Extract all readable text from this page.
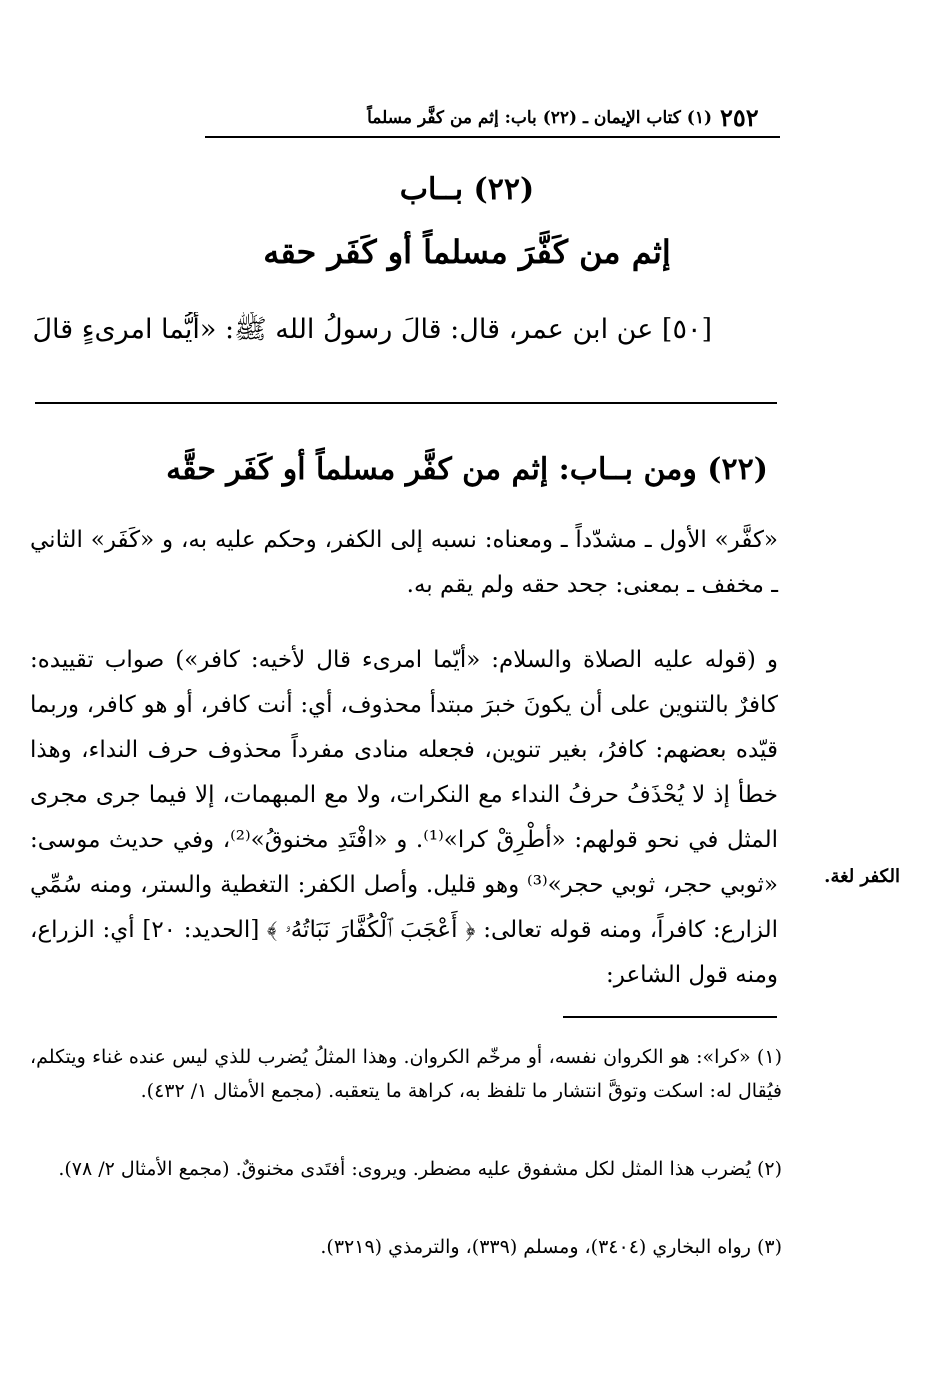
٢٥٢
(١) كتاب الإيمان ـ (٢٢) باب: إثم من كفَّر مسلماً
(٢٢) بــاب
إثم من كَفَّرَ مسلماً أو كَفَر حقه
[٥٠] عن ابن عمر، قال: قالَ رسولُ الله ﷺ: «أيُّما امرىءٍ قالَ
(٢٢) ومن بــاب: إثم من كفَّر مسلماً أو كَفَر حقَّه
«كفَّر» الأول ـ مشدّداً ـ ومعناه: نسبه إلى الكفر، وحكم عليه به، و «كَفَر» الثاني ـ مخفف ـ بمعنى: جحد حقه ولم يقم به.
و (قوله عليه الصلاة والسلام: «أيّما امرىء قال لأخيه: كافر») صواب تقييده: كافرٌ بالتنوين على أن يكونَ خبرَ مبتدأ محذوف، أي: أنت كافر، أو هو كافر، وربما قيّده بعضهم: كافرُ، بغير تنوين، فجعله منادى مفرداً محذوف حرف النداء، وهذا خطأ إذ لا يُحْذَفُ حرفُ النداء مع النكرات، ولا مع المبهمات، إلا فيما جرى مجرى المثل في نحو قولهم: «أطْرِقْ كرا»⁽¹⁾. و «افْتَدِ مخنوقُ»⁽²⁾، وفي حديث موسى: «ثوبي حجر، ثوبي حجر»⁽³⁾ وهو قليل. وأصل الكفر: التغطية والستر، ومنه سُمِّي الزارع: كافراً، ومنه قوله تعالى: ﴿ أَعْجَبَ ٱلْكُفَّارَ نَبَاتُهُۥ ﴾ [الحديد: ٢٠] أي: الزراع، ومنه قول الشاعر:
الكفر لغة.
(١) «كرا»: هو الكروان نفسه، أو مرخّم الكروان. وهذا المثلُ يُضرب للذي ليس عنده غناء ويتكلم، فيُقال له: اسكت وتوقَّ انتشار ما تلفظ به، كراهة ما يتعقبه. (مجمع الأمثال ١/ ٤٣٢).
(٢) يُضرب هذا المثل لكل مشفوق عليه مضطر. ويروى: أفتَدى مخنوقٌ. (مجمع الأمثال ٢/ ٧٨).
(٣) رواه البخاري (٣٤٠٤)، ومسلم (٣٣٩)، والترمذي (٣٢١٩).
